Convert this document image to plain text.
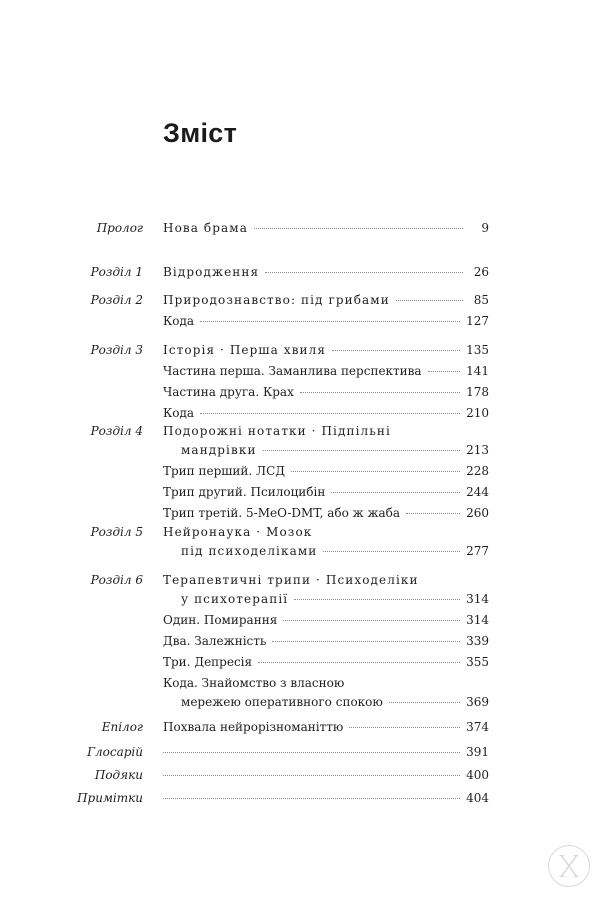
Зміст
Пролог Нова брама	9
Розділ 1 Відродження	26
Розділ 2 Природознавство: під грибами	85
Кода	127
Розділ 3 Історія · Перша хвиля	135
Частина перша. Заманлива перспектива	141
Частина друга. Крах	178
Кода	210
Розділ 4 Подорожні нотатки · Підпільні
мандрівки	213
Трип перший. ЛСД	228
Трип другий. Псилоцибін	244
Трип третій. 5-MeO-DMT, або ж жаба	260
Розділ 5 Нейронаука · Мозок
під психоделіками	277
Розділ 6 Терапевтичні трипи · Психоделіки
у психотерапії	314
Один. Помирання	314
Два. Залежність	339
Три. Депресія	355
Кода. Знайомство з власною
мережею оперативного спокою	369
Епілог Похвала нейрорізноманіттю	374
Глосарій	391
Подяки	400
Примітки	404
